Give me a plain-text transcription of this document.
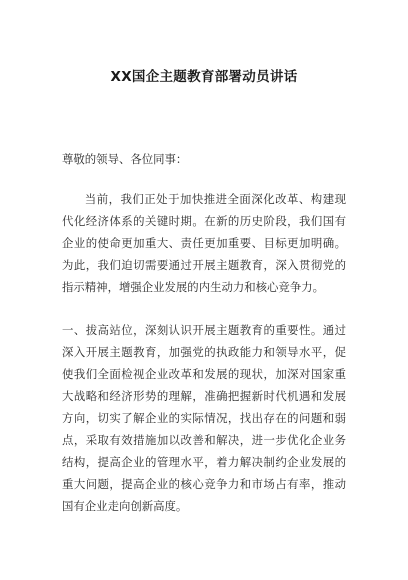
XX国企主题教育部署动员讲话

尊敬的领导、各位同事：

当前，我们正处于加快推进全面深化改革、构建现代化经济体系的关键时期。在新的历史阶段，我们国有企业的使命更加重大、责任更加重要、目标更加明确。为此，我们迫切需要通过开展主题教育，深入贯彻党的指示精神，增强企业发展的内生动力和核心竞争力。

一、拔高站位，深刻认识开展主题教育的重要性。通过深入开展主题教育，加强党的执政能力和领导水平，促使我们全面检视企业改革和发展的现状，加深对国家重大战略和经济形势的理解，准确把握新时代机遇和发展方向，切实了解企业的实际情况，找出存在的问题和弱点，采取有效措施加以改善和解决，进一步优化企业务结构，提高企业的管理水平，着力解决制约企业发展的重大问题，提高企业的核心竞争力和市场占有率，推动国有企业走向创新高度。
